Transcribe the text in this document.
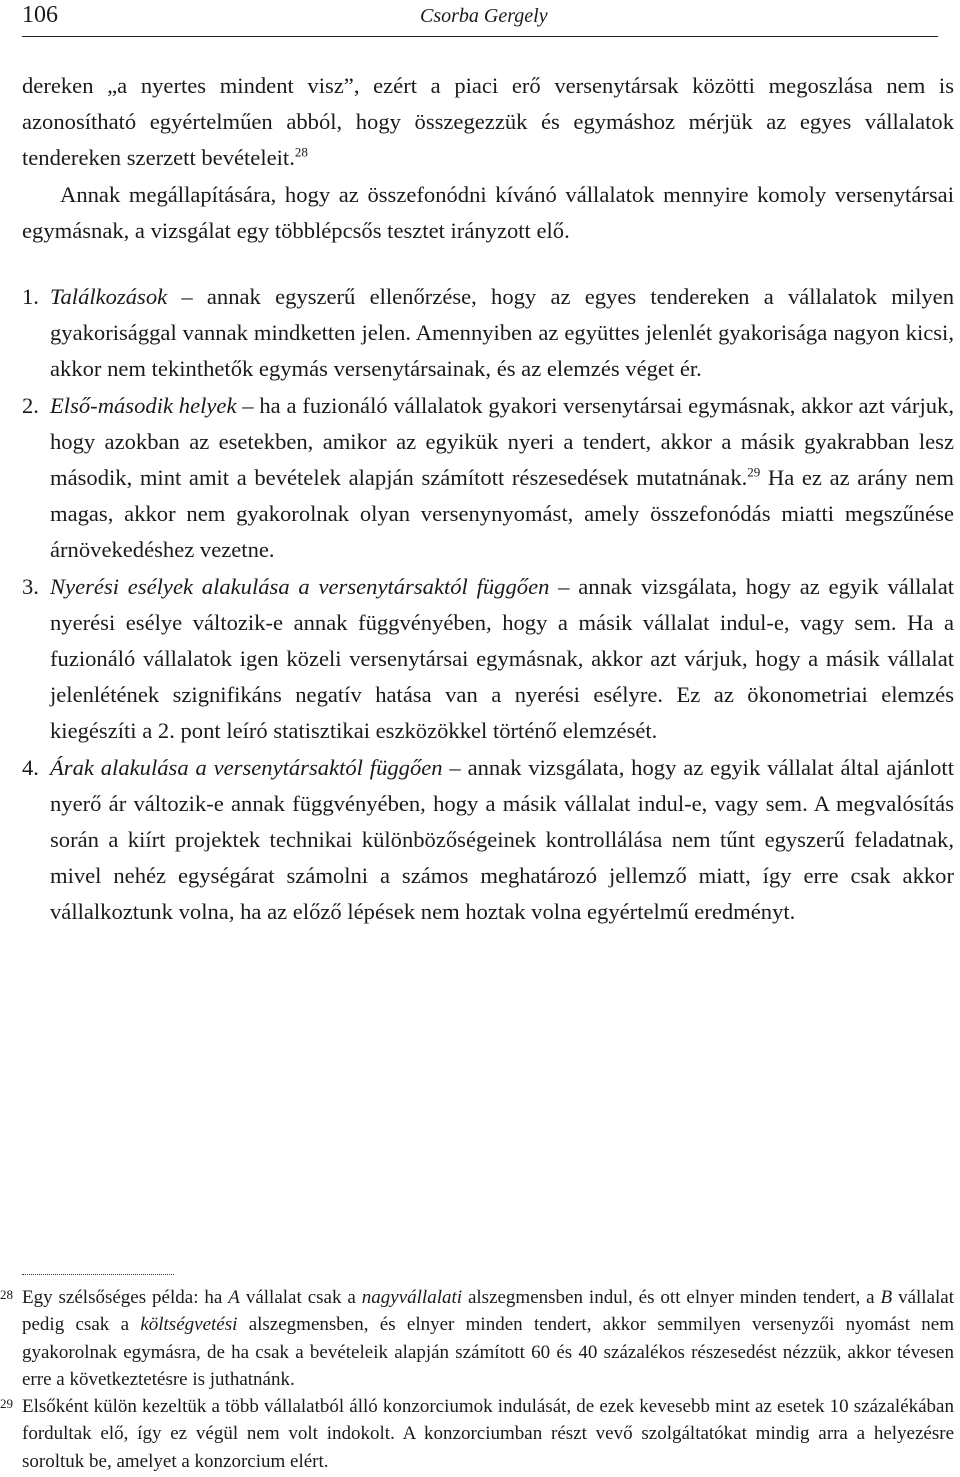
106	Csorba Gergely

dereken „a nyertes mindent visz”, ezért a piaci erő versenytársak közötti megoszlása nem is azonosítható egyértelműen abból, hogy összegezzük és egymáshoz mérjük az egyes vállalatok tendereken szerzett bevételeit.$^{28}$

Annak megállapítására, hogy az összefonódni kívánó vállalatok mennyire komoly versenytársai egymásnak, a vizsgálat egy többlépcsős tesztet irányzott elő.

1. Találkozások – annak egyszerű ellenőrzése, hogy az egyes tendereken a vállalatok milyen gyakorisággal vannak mindketten jelen. Amennyiben az együttes jelenlét gyakorisága nagyon kicsi, akkor nem tekinthetők egymás versenytársainak, és az elemzés véget ér.

2. Első-második helyek – ha a fuzionáló vállalatok gyakori versenytársai egymásnak, akkor azt várjuk, hogy azokban az esetekben, amikor az egyikük nyeri a tendert, akkor a másik gyakrabban lesz második, mint amit a bevételek alapján számított részesedések mutatnának.$^{29}$ Ha ez az arány nem magas, akkor nem gyakorolnak olyan versenynyomást, amely összefonódás miatti megszűnése árnövekedéshez vezetne.

3. Nyerési esélyek alakulása a versenytársaktól függően – annak vizsgálata, hogy az egyik vállalat nyerési esélye változik-e annak függvényében, hogy a másik vállalat indul-e, vagy sem. Ha a fuzionáló vállalatok igen közeli versenytársai egymásnak, akkor azt várjuk, hogy a másik vállalat jelenlétének szignifikáns negatív hatása van a nyerési esélyre. Ez az ökonometriai elemzés kiegészíti a 2. pont leíró statisztikai eszközökkel történő elemzését.

4. Árak alakulása a versenytársaktól függően – annak vizsgálata, hogy az egyik vállalat által ajánlott nyerő ár változik-e annak függvényében, hogy a másik vállalat indul-e, vagy sem. A megvalósítás során a kiírt projektek technikai különbözőségeinek kontrollálása nem tűnt egyszerű feladatnak, mivel nehéz egységárat számolni a számos meghatározó jellemző miatt, így erre csak akkor vállalkoztunk volna, ha az előző lépések nem hoztak volna egyértelmű eredményt.

28 Egy szélsőséges példa: ha A vállalat csak a nagyvállalati alszegmensben indul, és ott elnyer minden tendert, a B vállalat pedig csak a költségvetési alszegmensben, és elnyer minden tendert, akkor semmilyen versenyzői nyomást nem gyakorolnak egymásra, de ha csak a bevételeik alapján számított 60 és 40 százalékos részesedést nézzük, akkor tévesen erre a következtetésre is juthatnánk.

29 Elsőként külön kezeltük a több vállalatból álló konzorciumok indulását, de ezek kevesebb mint az esetek 10 százalékában fordultak elő, így ez végül nem volt indokolt. A konzorciumban részt vevő szolgáltatókat mindig arra a helyezésre soroltuk be, amelyet a konzorcium elért.
